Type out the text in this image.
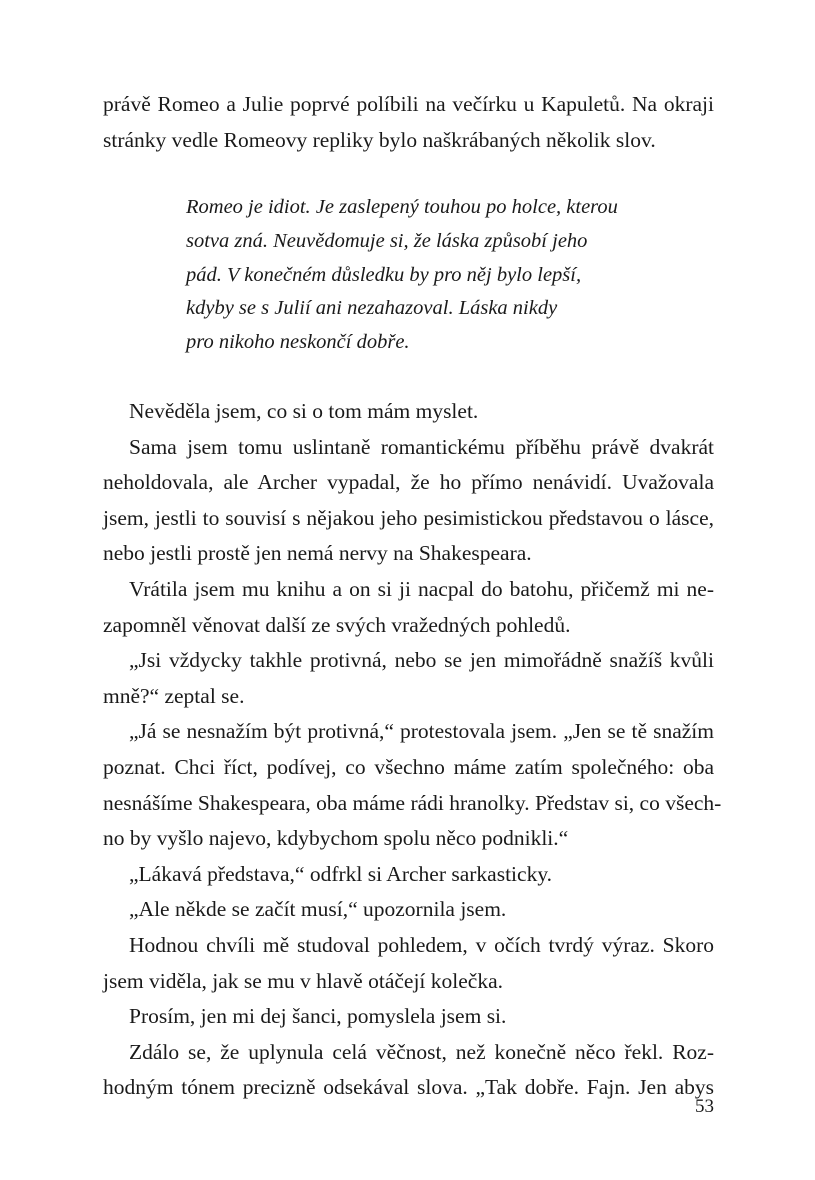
právě Romeo a Julie poprvé políbili na večírku u Kapuletů. Na okraji
stránky vedle Romeovy repliky bylo naškrábaných několik slov.
Romeo je idiot. Je zaslepený touhou po holce, kterou
sotva zná. Neuvědomuje si, že láska způsobí jeho
pád. V konečném důsledku by pro něj bylo lepší,
kdyby se s Julií ani nezahazoval. Láska nikdy
pro nikoho neskončí dobře.
Nevěděla jsem, co si o tom mám myslet.
Sama jsem tomu uslintaně romantickému příběhu právě dvakrát
neholdovala, ale Archer vypadal, že ho přímo nenávidí. Uvažovala
jsem, jestli to souvisí s nějakou jeho pesimistickou představou o lásce,
nebo jestli prostě jen nemá nervy na Shakespeara.
Vrátila jsem mu knihu a on si ji nacpal do batohu, přičemž mi ne-
zapomněl věnovat další ze svých vražedných pohledů.
„Jsi vždycky takhle protivná, nebo se jen mimořádně snažíš kvůli
mně?“ zeptal se.
„Já se nesnažím být protivná,“ protestovala jsem. „Jen se tě snažím
poznat. Chci říct, podívej, co všechno máme zatím společného: oba
nesnášíme Shakespeara, oba máme rádi hranolky. Představ si, co všech-
no by vyšlo najevo, kdybychom spolu něco podnikli.“
„Lákavá představa,“ odfrkl si Archer sarkasticky.
„Ale někde se začít musí,“ upozornila jsem.
Hodnou chvíli mě studoval pohledem, v očích tvrdý výraz. Skoro
jsem viděla, jak se mu v hlavě otáčejí kolečka.
Prosím, jen mi dej šanci, pomyslela jsem si.
Zdálo se, že uplynula celá věčnost, než konečně něco řekl. Roz-
hodným tónem precizně odsekával slova. „Tak dobře. Fajn. Jen abys
53
